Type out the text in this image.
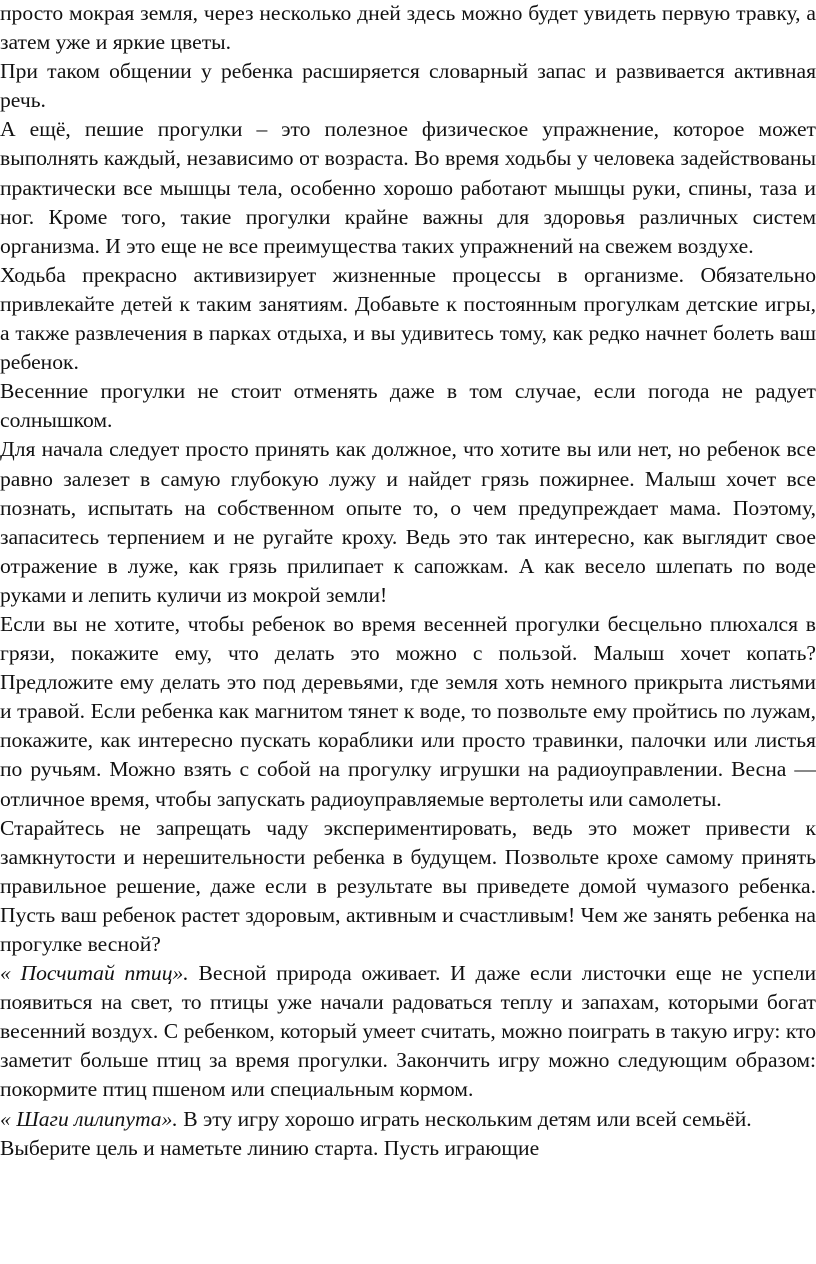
просто мокрая земля, через несколько дней здесь можно будет увидеть первую травку, а затем уже и яркие цветы.

При таком общении у ребенка расширяется словарный запас и развивается активная речь.

А ещё, пешие прогулки – это полезное физическое упражнение, которое может выполнять каждый, независимо от возраста. Во время ходьбы у человека задействованы практически все мышцы тела, особенно хорошо работают мышцы руки, спины, таза и ног. Кроме того, такие прогулки крайне важны для здоровья различных систем организма. И это еще не все преимущества таких упражнений на свежем воздухе.

Ходьба прекрасно активизирует жизненные процессы в организме. Обязательно привлекайте детей к таким занятиям. Добавьте к постоянным прогулкам детские игры, а также развлечения в парках отдыха, и вы удивитесь тому, как редко начнет болеть ваш ребенок.

Весенние прогулки не стоит отменять даже в том случае, если погода не радует солнышком.

Для начала следует просто принять как должное, что хотите вы или нет, но ребенок все равно залезет в самую глубокую лужу и найдет грязь пожирнее. Малыш хочет все познать, испытать на собственном опыте то, о чем предупреждает мама. Поэтому, запаситесь терпением и не ругайте кроху. Ведь это так интересно, как выглядит свое отражение в луже, как грязь прилипает к сапожкам. А как весело шлепать по воде руками и лепить куличи из мокрой земли!

Если вы не хотите, чтобы ребенок во время весенней прогулки бесцельно плюхался в грязи, покажите ему, что делать это можно с пользой. Малыш хочет копать? Предложите ему делать это под деревьями, где земля хоть немного прикрыта листьями и травой. Если ребенка как магнитом тянет к воде, то позвольте ему пройтись по лужам, покажите, как интересно пускать кораблики или просто травинки, палочки или листья по ручьям. Можно взять с собой на прогулку игрушки на радиоуправлении. Весна — отличное время, чтобы запускать радиоуправляемые вертолеты или самолеты.

Старайтесь не запрещать чаду экспериментировать, ведь это может привести к замкнутости и нерешительности ребенка в будущем. Позвольте крохе самому принять правильное решение, даже если в результате вы приведете домой чумазого ребенка. Пусть ваш ребенок растет здоровым, активным и счастливым! Чем же занять ребенка на прогулке весной?

« Посчитай птиц». Весной природа оживает. И даже если листочки еще не успели появиться на свет, то птицы уже начали радоваться теплу и запахам, которыми богат весенний воздух. С ребенком, который умеет считать, можно поиграть в такую игру: кто заметит больше птиц за время прогулки. Закончить игру можно следующим образом: покормите птиц пшеном или специальным кормом.

« Шаги лилипута». В эту игру хорошо играть нескольким детям или всей семьёй. Выберите цель и наметьте линию старта. Пусть играющие
